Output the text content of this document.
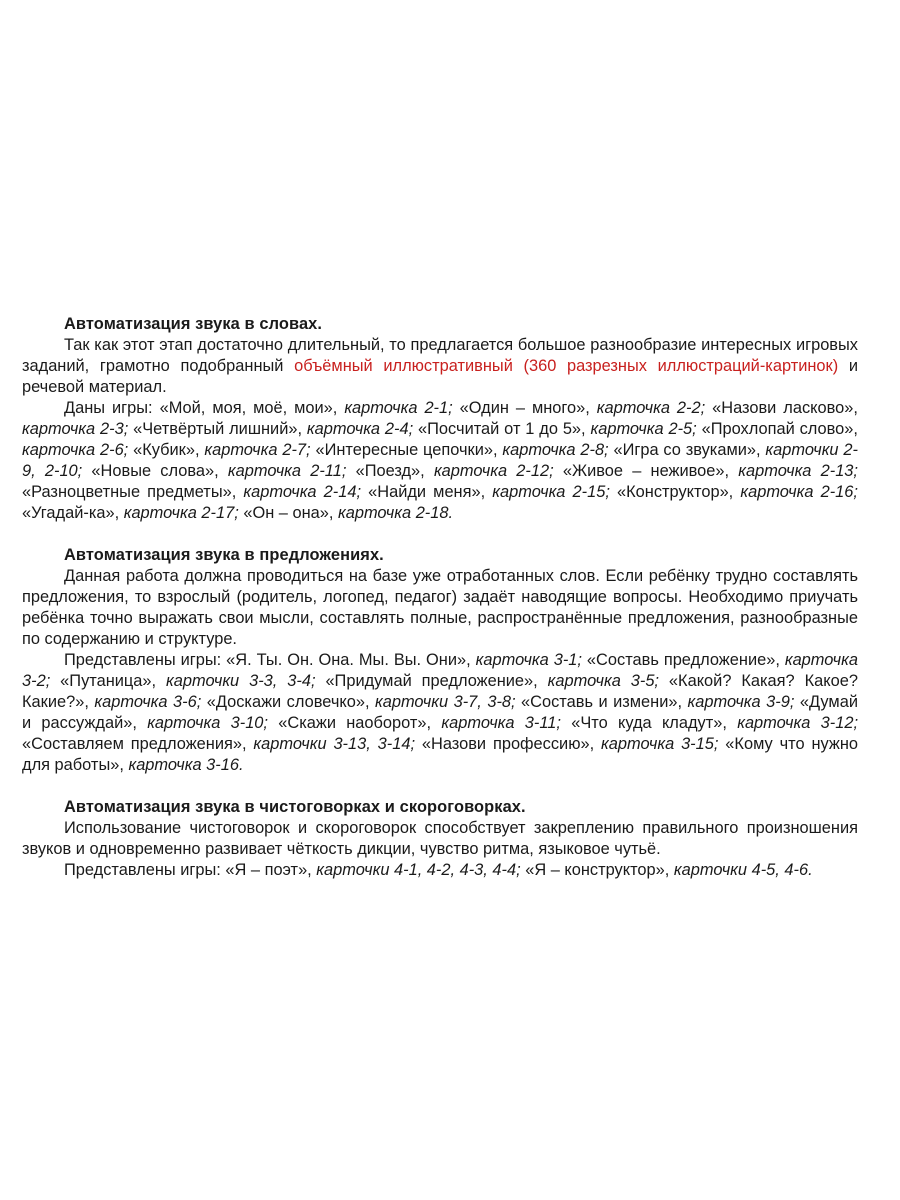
Автоматизация звука в словах.

Так как этот этап достаточно длительный, то предлагается большое разнообразие интересных игровых заданий, грамотно подобранный объёмный иллюстративный (360 разрезных иллюстраций-картинок) и речевой материал.

Даны игры: «Мой, моя, моё, мои», карточка 2-1; «Один – много», карточка 2-2; «Назови ласково», карточка 2-3; «Четвёртый лишний», карточка 2-4; «Посчитай от 1 до 5», карточка 2-5; «Прохлопай слово», карточка 2-6; «Кубик», карточка 2-7; «Интересные цепочки», карточка 2-8; «Игра со звуками», карточки 2-9, 2-10; «Новые слова», карточка 2-11; «Поезд», карточка 2-12; «Живое – неживое», карточка 2-13; «Разноцветные предметы», карточка 2-14; «Найди меня», карточка 2-15; «Конструктор», карточка 2-16; «Угадай-ка», карточка 2-17; «Он – она», карточка 2-18.

Автоматизация звука в предложениях.

Данная работа должна проводиться на базе уже отработанных слов. Если ребёнку трудно составлять предложения, то взрослый (родитель, логопед, педагог) задаёт наводящие вопросы. Необходимо приучать ребёнка точно выражать свои мысли, составлять полные, распространённые предложения, разнообразные по содержанию и структуре.

Представлены игры: «Я. Ты. Он. Она. Мы. Вы. Они», карточка 3-1; «Составь предложение», карточка 3-2; «Путаница», карточки 3-3, 3-4; «Придумай предложение», карточка 3-5; «Какой? Какая? Какое? Какие?», карточка 3-6; «Доскажи словечко», карточки 3-7, 3-8; «Составь и измени», карточка 3-9; «Думай и рассуждай», карточка 3-10; «Скажи наоборот», карточка 3-11; «Что куда кладут», карточка 3-12; «Составляем предложения», карточки 3-13, 3-14; «Назови профессию», карточка 3-15; «Кому что нужно для работы», карточка 3-16.

Автоматизация звука в чистоговорках и скороговорках.

Использование чистоговорок и скороговорок способствует закреплению правильного произношения звуков и одновременно развивает чёткость дикции, чувство ритма, языковое чутьё.

Представлены игры: «Я – поэт», карточки 4-1, 4-2, 4-3, 4-4; «Я – конструктор», карточки 4-5, 4-6.
